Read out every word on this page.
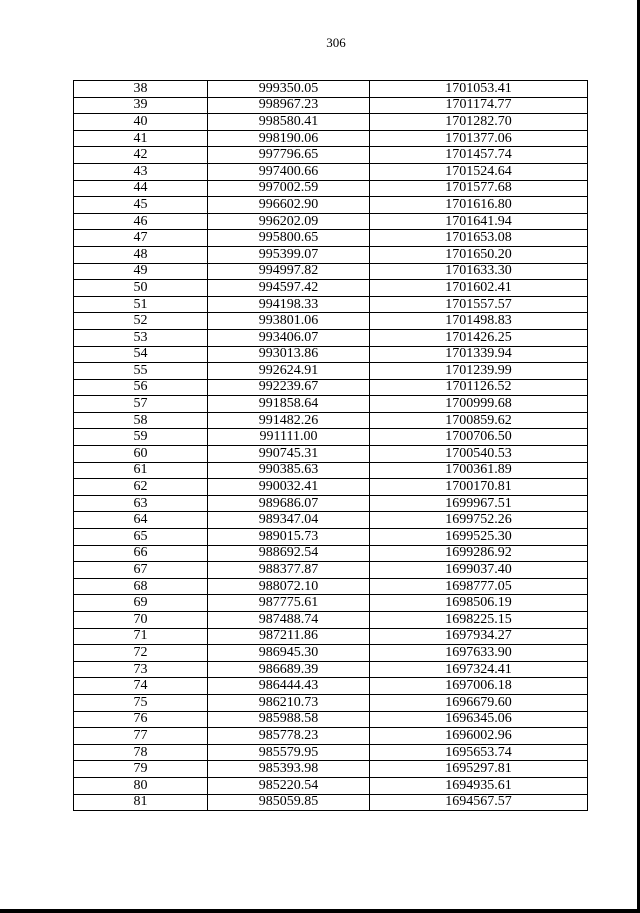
306
38	999350.05	1701053.41
39	998967.23	1701174.77
40	998580.41	1701282.70
41	998190.06	1701377.06
42	997796.65	1701457.74
43	997400.66	1701524.64
44	997002.59	1701577.68
45	996602.90	1701616.80
46	996202.09	1701641.94
47	995800.65	1701653.08
48	995399.07	1701650.20
49	994997.82	1701633.30
50	994597.42	1701602.41
51	994198.33	1701557.57
52	993801.06	1701498.83
53	993406.07	1701426.25
54	993013.86	1701339.94
55	992624.91	1701239.99
56	992239.67	1701126.52
57	991858.64	1700999.68
58	991482.26	1700859.62
59	991111.00	1700706.50
60	990745.31	1700540.53
61	990385.63	1700361.89
62	990032.41	1700170.81
63	989686.07	1699967.51
64	989347.04	1699752.26
65	989015.73	1699525.30
66	988692.54	1699286.92
67	988377.87	1699037.40
68	988072.10	1698777.05
69	987775.61	1698506.19
70	987488.74	1698225.15
71	987211.86	1697934.27
72	986945.30	1697633.90
73	986689.39	1697324.41
74	986444.43	1697006.18
75	986210.73	1696679.60
76	985988.58	1696345.06
77	985778.23	1696002.96
78	985579.95	1695653.74
79	985393.98	1695297.81
80	985220.54	1694935.61
81	985059.85	1694567.57
